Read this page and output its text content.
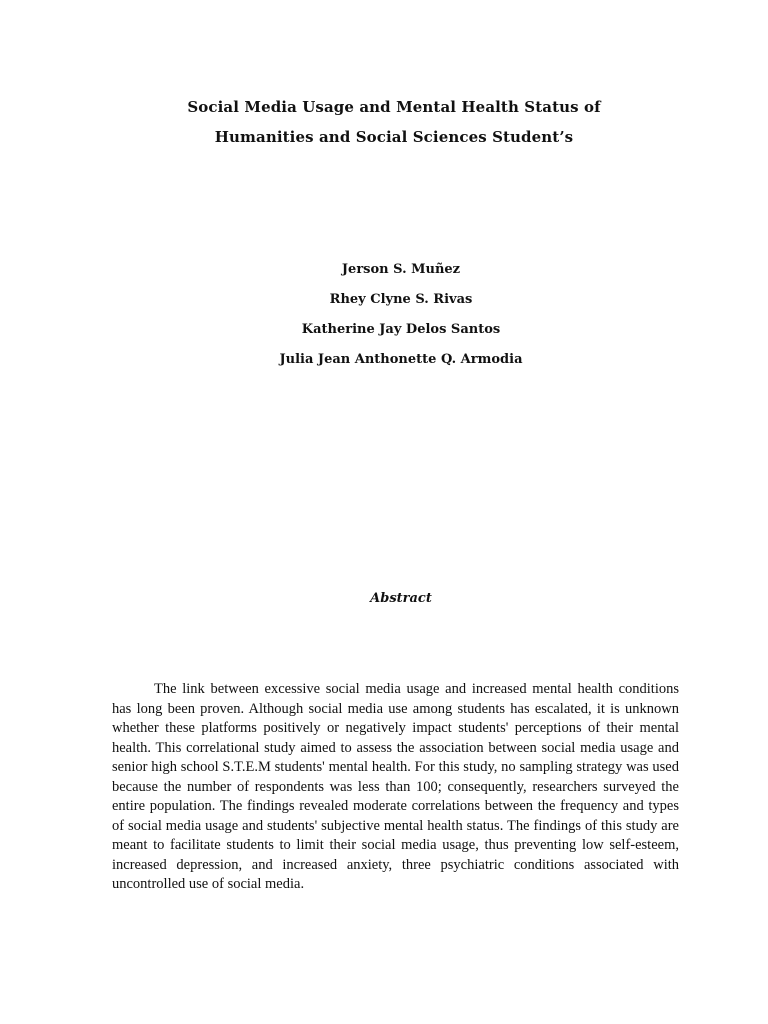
Social Media Usage and Mental Health Status of
Humanities and Social Sciences Student’s
Jerson S. Muñez
Rhey Clyne S. Rivas
Katherine Jay Delos Santos
Julia Jean Anthonette Q. Armodia
Abstract

The link between excessive social media usage and increased mental health conditions has long been proven. Although social media use among students has escalated, it is unknown whether these platforms positively or negatively impact students' perceptions of their mental health. This correlational study aimed to assess the association between social media usage and senior high school S.T.E.M students' mental health. For this study, no sampling strategy was used because the number of respondents was less than 100; consequently, researchers surveyed the entire population. The findings revealed moderate correlations between the frequency and types of social media usage and students' subjective mental health status. The findings of this study are meant to facilitate students to limit their social media usage, thus preventing low self-esteem, increased depression, and increased anxiety, three psychiatric conditions associated with uncontrolled use of social media.
